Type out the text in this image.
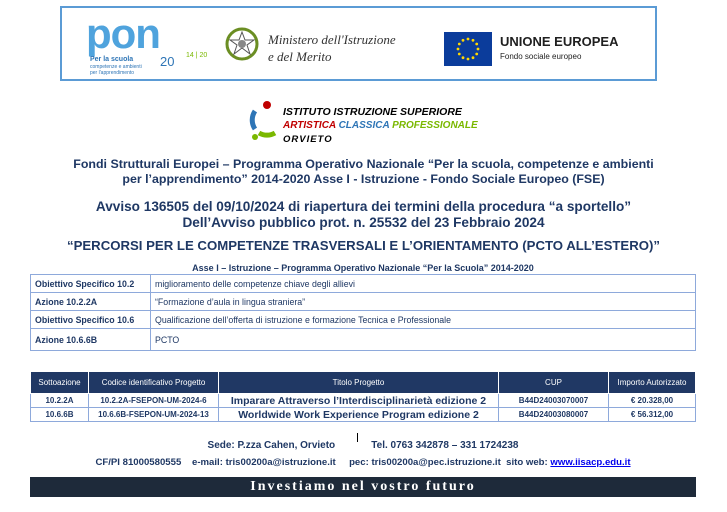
pon
Per la scuola
competenze e ambienti per l'apprendimento
20 14 | 20
Ministero dell'Istruzione
e del Merito
UNIONE EUROPEA
Fondo sociale europeo
ISTITUTO ISTRUZIONE SUPERIORE
ARTISTICA CLASSICA PROFESSIONALE
ORVIETO
Fondi Strutturali Europei – Programma Operativo Nazionale “Per la scuola, competenze e ambienti
per l’apprendimento” 2014-2020 Asse I - Istruzione - Fondo Sociale Europeo (FSE)
Avviso 136505 del 09/10/2024 di riapertura dei termini della procedura “a sportello”
Dell’Avviso pubblico prot. n. 25532 del 23 Febbraio 2024
“PERCORSI PER LE COMPETENZE TRASVERSALI E L’ORIENTAMENTO (PCTO ALL’ESTERO)”
Asse I – Istruzione – Programma Operativo Nazionale “Per la Scuola” 2014-2020
Obiettivo Specifico 10.2	miglioramento delle competenze chiave degli allievi
Azione 10.2.2A	“Formazione d’aula in lingua straniera”
Obiettivo Specifico 10.6	Qualificazione dell’offerta di istruzione e formazione Tecnica e Professionale
Azione 10.6.6B	PCTO
Sottoazione	Codice identificativo Progetto	Titolo Progetto	CUP	Importo Autorizzato
10.2.2A	10.2.2A-FSEPON-UM-2024-6	Imparare Attraverso l’Interdisciplinarietà edizione 2	B44D24003070007	€ 20.328,00
10.6.6B	10.6.6B-FSEPON-UM-2024-13	Worldwide Work Experience Program edizione 2	B44D24003080007	€ 56.312,00
Sede: P.zza Cahen, Orvieto	Tel. 0763 342878 – 331 1724238
CF/PI 81000580555 e-mail: tris00200a@istruzione.it pec: tris00200a@pec.istruzione.it sito web: www.iisacp.edu.it
Investiamo nel vostro futuro
